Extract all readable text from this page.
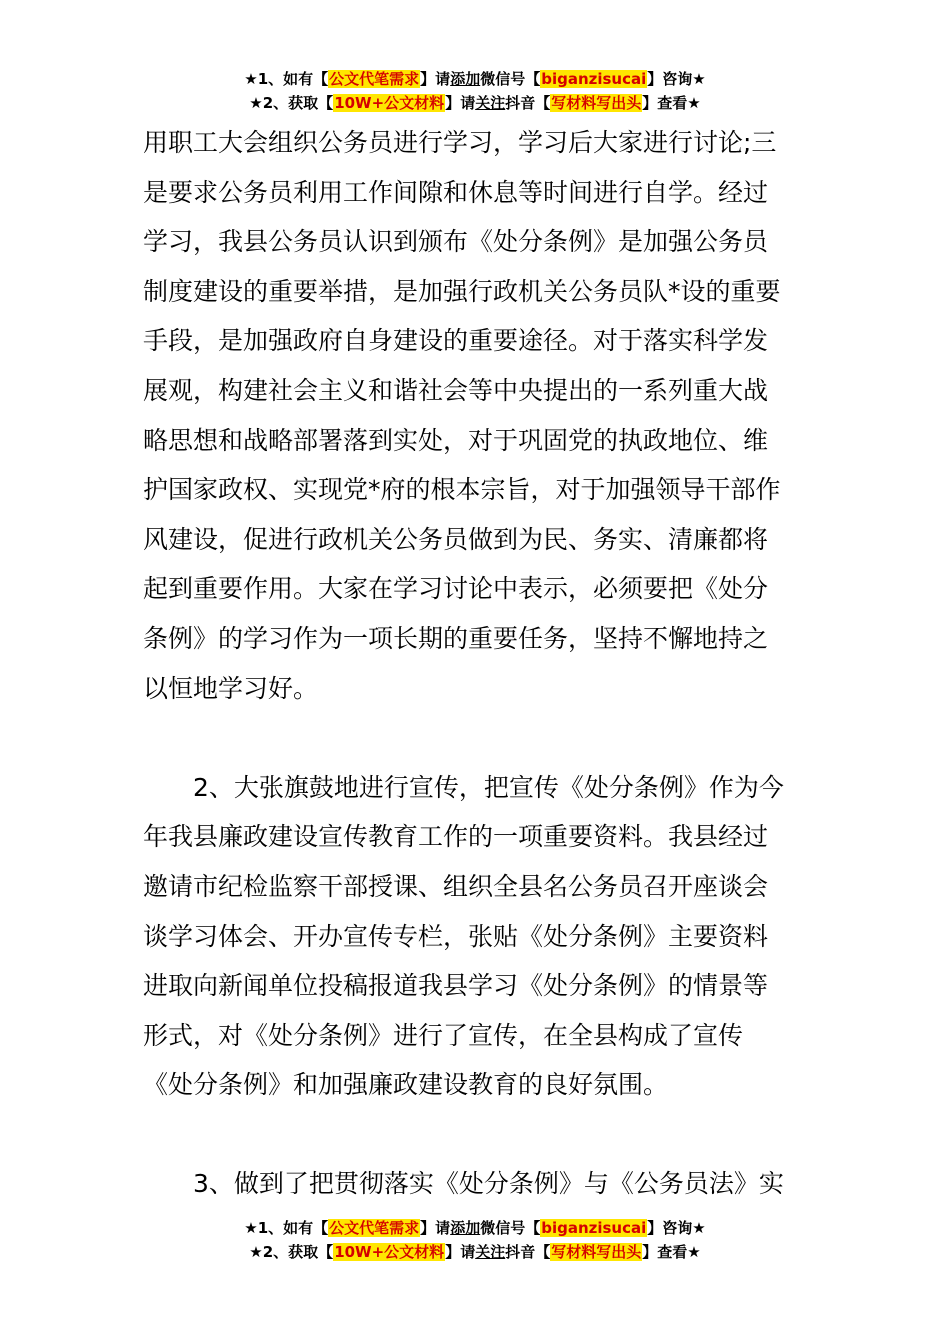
★1、如有【公文代笔需求】请添加微信号【biganzisucai】咨询★
★2、获取【10W+公文材料】请关注抖音【写材料写出头】查看★
用职工大会组织公务员进行学习，学习后大家进行讨论;三
是要求公务员利用工作间隙和休息等时间进行自学。经过
学习，我县公务员认识到颁布《处分条例》是加强公务员
制度建设的重要举措，是加强行政机关公务员队*设的重要
手段，是加强政府自身建设的重要途径。对于落实科学发
展观，构建社会主义和谐社会等中央提出的一系列重大战
略思想和战略部署落到实处，对于巩固党的执政地位、维
护国家政权、实现党*府的根本宗旨，对于加强领导干部作
风建设，促进行政机关公务员做到为民、务实、清廉都将
起到重要作用。大家在学习讨论中表示，必须要把《处分
条例》的学习作为一项长期的重要任务，坚持不懈地持之
以恒地学习好。
2、大张旗鼓地进行宣传，把宣传《处分条例》作为今
年我县廉政建设宣传教育工作的一项重要资料。我县经过
邀请市纪检监察干部授课、组织全县名公务员召开座谈会
谈学习体会、开办宣传专栏，张贴《处分条例》主要资料
进取向新闻单位投稿报道我县学习《处分条例》的情景等
形式，对《处分条例》进行了宣传，在全县构成了宣传
《处分条例》和加强廉政建设教育的良好氛围。
3、做到了把贯彻落实《处分条例》与《公务员法》实
★1、如有【公文代笔需求】请添加微信号【biganzisucai】咨询★
★2、获取【10W+公文材料】请关注抖音【写材料写出头】查看★
